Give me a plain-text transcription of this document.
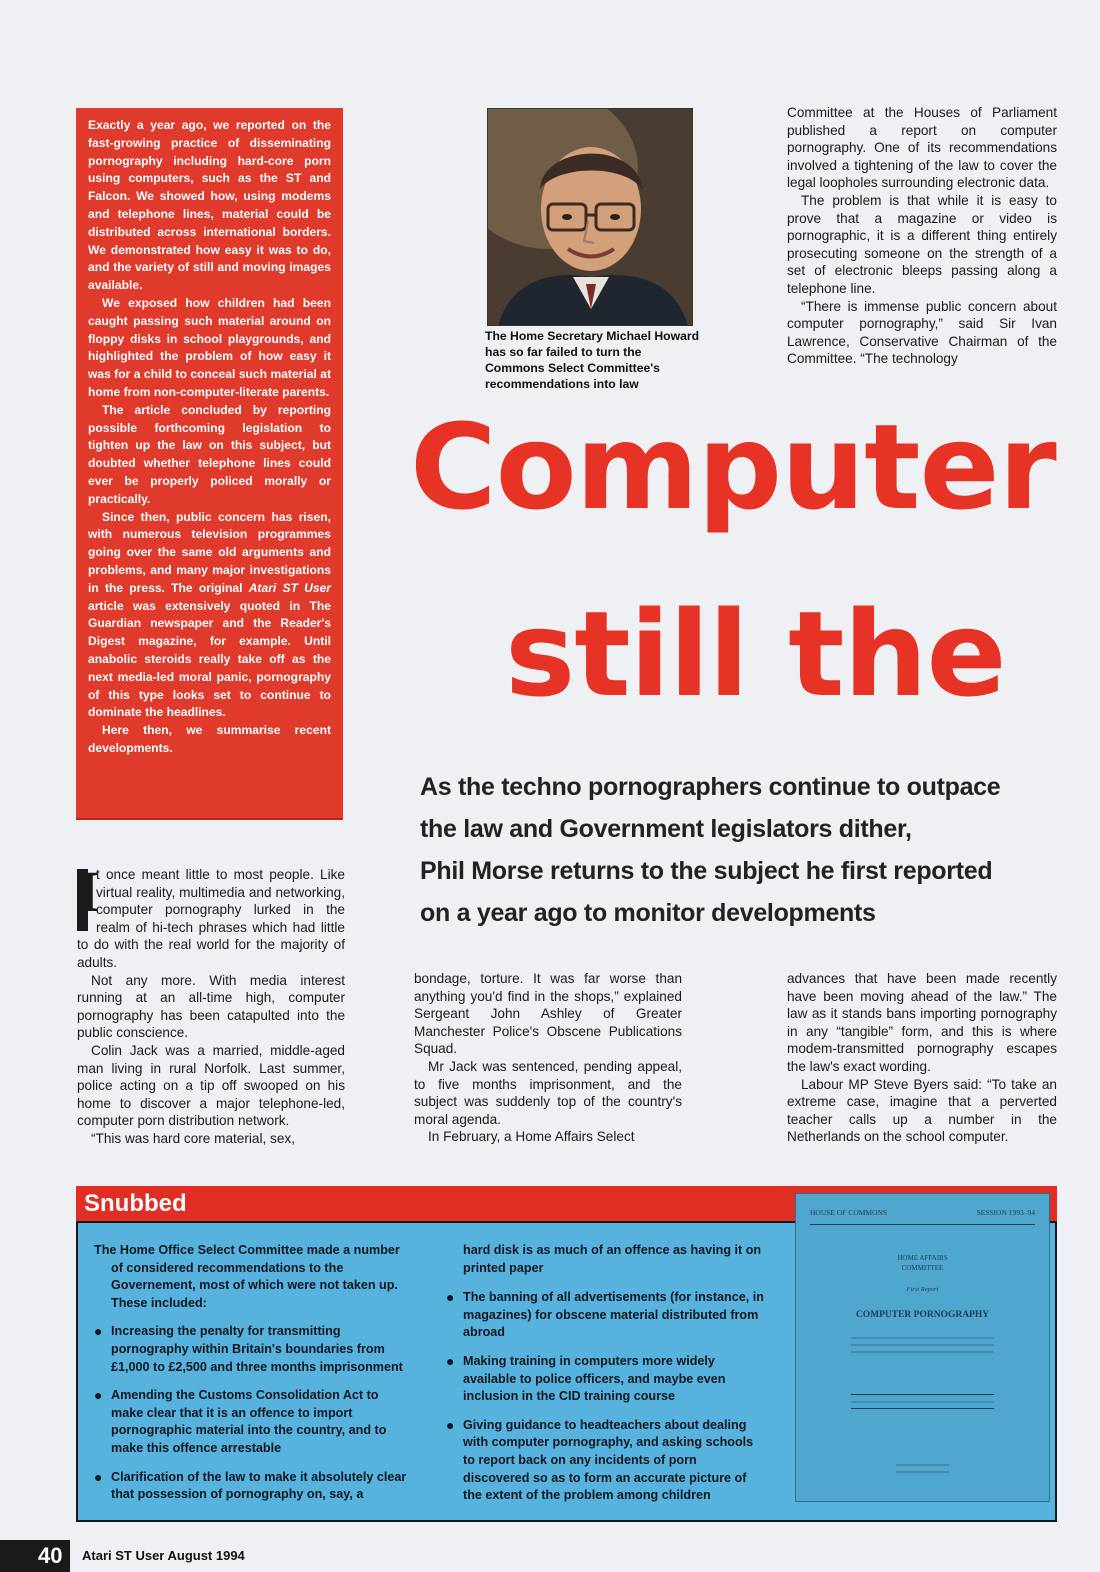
Exactly a year ago, we reported on the fast-growing practice of disseminating pornography including hard-core porn using computers, such as the ST and Falcon. We showed how, using modems and telephone lines, material could be distributed across international borders. We demonstrated how easy it was to do, and the variety of still and moving images available.

We exposed how children had been caught passing such material around on floppy disks in school playgrounds, and highlighted the problem of how easy it was for a child to conceal such material at home from non-computer-literate parents.

The article concluded by reporting possible forthcoming legislation to tighten up the law on this subject, but doubted whether telephone lines could ever be properly policed morally or practically.

Since then, public concern has risen, with numerous television programmes going over the same old arguments and problems, and many major investigations in the press. The original Atari ST User article was extensively quoted in The Guardian newspaper and the Reader's Digest magazine, for example. Until anabolic steroids really take off as the next media-led moral panic, pornography of this type looks set to continue to dominate the headlines.

Here then, we summarise recent developments.

The Home Secretary Michael Howard has so far failed to turn the Commons Select Committee's recommendations into law

Committee at the Houses of Parliament published a report on computer pornography. One of its recommendations involved a tightening of the law to cover the legal loopholes surrounding electronic data.

The problem is that while it is easy to prove that a magazine or video is pornographic, it is a different thing entirely prosecuting someone on the strength of a set of electronic bleeps passing along a telephone line.

“There is immense public concern about computer pornography,” said Sir Ivan Lawrence, Conservative Chairman of the Committee. “The technology

Computer
still the
As the techno pornographers continue to outpace
the law and Government legislators dither,
Phil Morse returns to the subject he first reported
on a year ago to monitor developments

I
t once meant little to most people. Like virtual reality, multimedia and networking, computer pornography lurked in the realm of hi-tech phrases which had little to do with the real world for the majority of adults.

Not any more. With media interest running at an all-time high, computer pornography has been catapulted into the public conscience.

Colin Jack was a married, middle-aged man living in rural Norfolk. Last summer, police acting on a tip off swooped on his home to discover a major telephone-led, computer porn distribution network.

“This was hard core material, sex,

bondage, torture. It was far worse than anything you'd find in the shops,” explained Sergeant John Ashley of Greater Manchester Police's Obscene Publications Squad.

Mr Jack was sentenced, pending appeal, to five months imprisonment, and the subject was suddenly top of the country's moral agenda.

In February, a Home Affairs Select

advances that have been made recently have been moving ahead of the law.” The law as it stands bans importing pornography in any “tangible” form, and this is where modem-transmitted pornography escapes the law's exact wording.

Labour MP Steve Byers said: “To take an extreme case, imagine that a perverted teacher calls up a number in the Netherlands on the school computer.

Snubbed

The Home Office Select Committee made a number of considered recommendations to the Governement, most of which were not taken up. These included:

● Increasing the penalty for transmitting pornography within Britain's boundaries from £1,000 to £2,500 and three months imprisonment
● Amending the Customs Consolidation Act to make clear that it is an offence to import pornographic material into the country, and to make this offence arrestable
● Clarification of the law to make it absolutely clear that possession of pornography on, say, a

hard disk is as much of an offence as having it on printed paper

● The banning of all advertisements (for instance, in magazines) for obscene material distributed from abroad
● Making training in computers more widely available to police officers, and maybe even inclusion in the CID training course
● Giving guidance to headteachers about dealing with computer pornography, and asking schools to report back on any incidents of porn discovered so as to form an accurate picture of the extent of the problem among children
HOUSE OF COMMONS	SESSION 1993–94
HOME AFFAIRS
COMMITTEE
First Report
COMPUTER PORNOGRAPHY
40 Atari ST User August 1994
